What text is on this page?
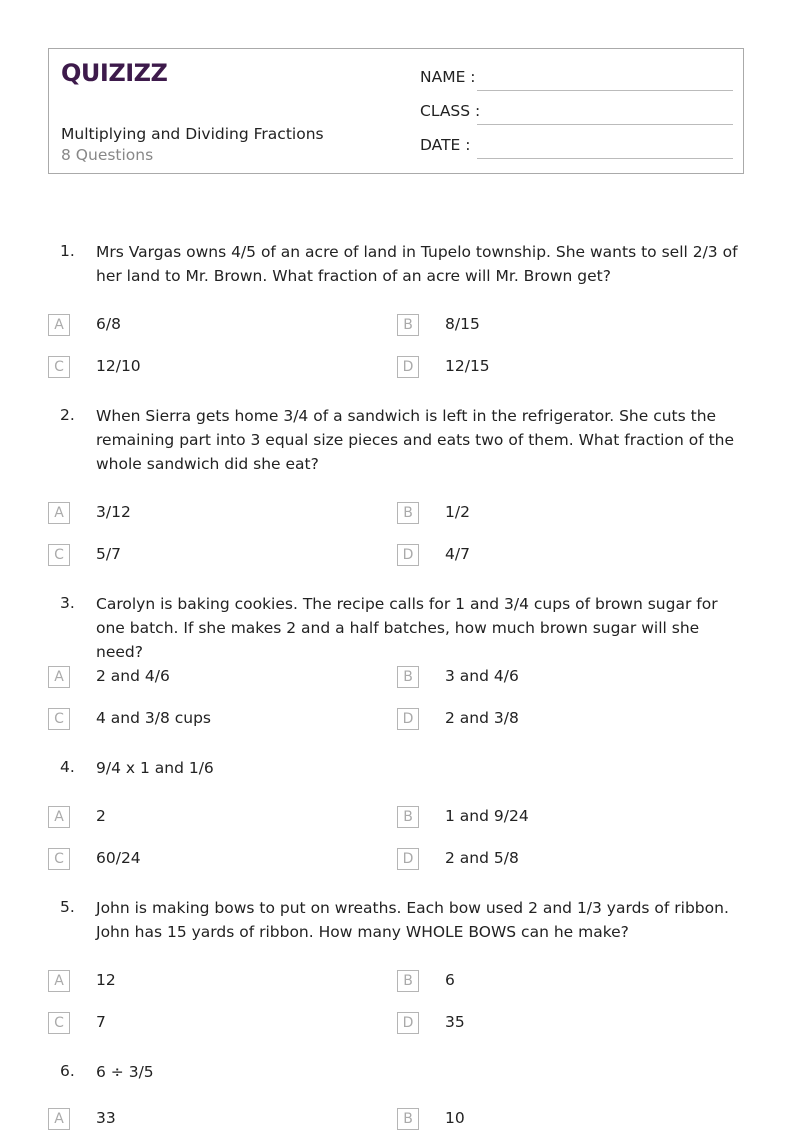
QUIZIZZ
Multiplying and Dividing Fractions
8 Questions
NAME :
CLASS :
DATE :
1. Mrs Vargas owns 4/5 of an acre of land in Tupelo township. She wants to sell 2/3 of her land to Mr. Brown. What fraction of an acre will Mr. Brown get?
A	6/8	B	8/15
C	12/10	D	12/15
2. When Sierra gets home 3/4 of a sandwich is left in the refrigerator. She cuts the remaining part into 3 equal size pieces and eats two of them. What fraction of the whole sandwich did she eat?
A	3/12	B	1/2
C	5/7	D	4/7
3. Carolyn is baking cookies. The recipe calls for 1 and 3/4 cups of brown sugar for one batch. If she makes 2 and a half batches, how much brown sugar will she need?
A	2 and 4/6	B	3 and 4/6
C	4 and 3/8 cups	D	2 and 3/8
4. 9/4 x 1 and 1/6
A	2	B	1 and 9/24
C	60/24	D	2 and 5/8
5. John is making bows to put on wreaths. Each bow used 2 and 1/3 yards of ribbon. John has 15 yards of ribbon. How many WHOLE BOWS can he make?
A	12	B	6
C	7	D	35
6. 6 ÷ 3/5
A	33	B	10
